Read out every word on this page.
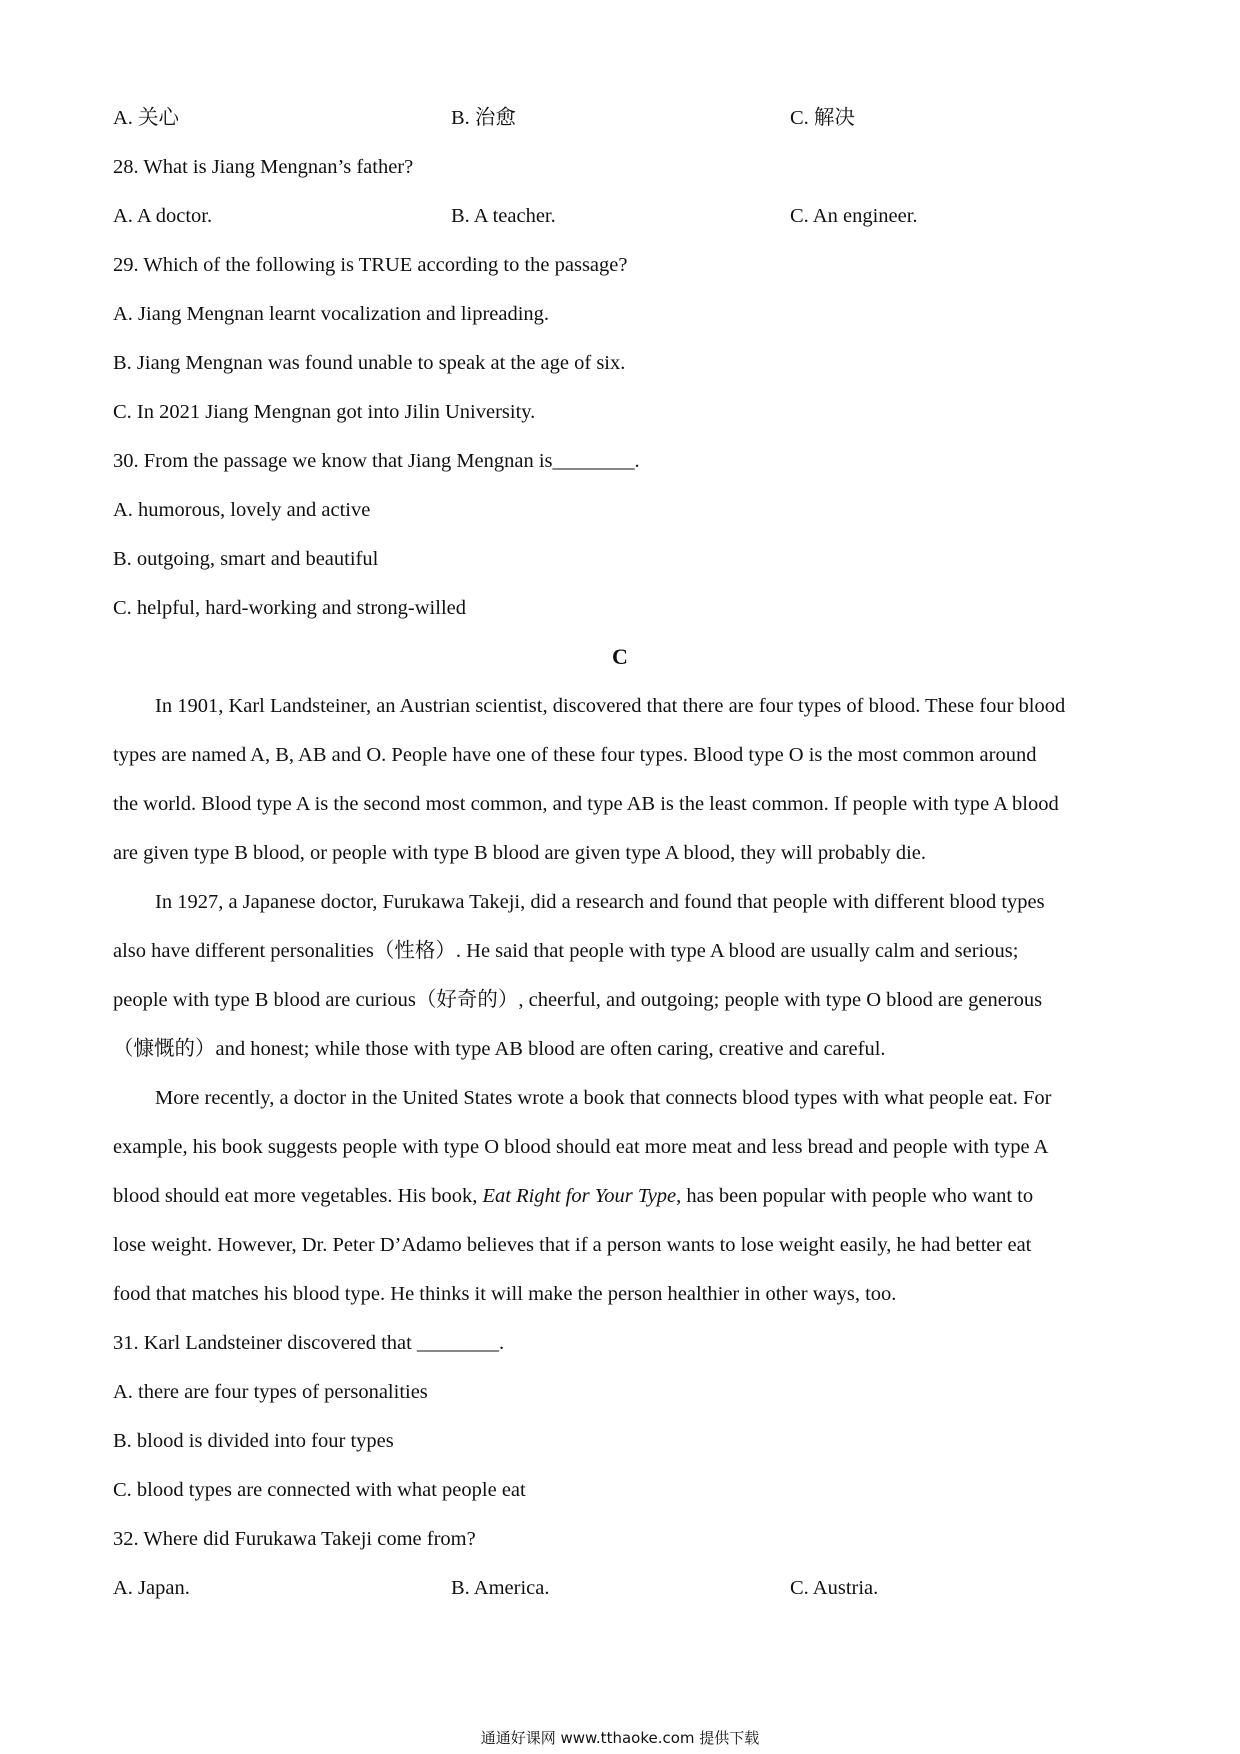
A. 关心	B. 治愈	C. 解决
28. What is Jiang Mengnan’s father?
A. A doctor.	B. A teacher.	C. An engineer.
29. Which of the following is TRUE according to the passage?
A. Jiang Mengnan learnt vocalization and lipreading.
B. Jiang Mengnan was found unable to speak at the age of six.
C. In 2021 Jiang Mengnan got into Jilin University.
30. From the passage we know that Jiang Mengnan is________.
A. humorous, lovely and active
B. outgoing, smart and beautiful
C. helpful, hard-working and strong-willed
C
In 1901, Karl Landsteiner, an Austrian scientist, discovered that there are four types of blood. These four blood
types are named A, B, AB and O. People have one of these four types. Blood type O is the most common around
the world. Blood type A is the second most common, and type AB is the least common. If people with type A blood
are given type B blood, or people with type B blood are given type A blood, they will probably die.
In 1927, a Japanese doctor, Furukawa Takeji, did a research and found that people with different blood types
also have different personalities（性格）. He said that people with type A blood are usually calm and serious;
people with type B blood are curious（好奇的）, cheerful, and outgoing; people with type O blood are generous
（慷慨的）and honest; while those with type AB blood are often caring, creative and careful.
More recently, a doctor in the United States wrote a book that connects blood types with what people eat. For
example, his book suggests people with type O blood should eat more meat and less bread and people with type A
blood should eat more vegetables. His book, Eat Right for Your Type, has been popular with people who want to
lose weight. However, Dr. Peter D’Adamo believes that if a person wants to lose weight easily, he had better eat
food that matches his blood type. He thinks it will make the person healthier in other ways, too.
31. Karl Landsteiner discovered that ________.
A. there are four types of personalities
B. blood is divided into four types
C. blood types are connected with what people eat
32. Where did Furukawa Takeji come from?
A. Japan.	B. America.	C. Austria.
通通好课网 www.tthaoke.com 提供下载
